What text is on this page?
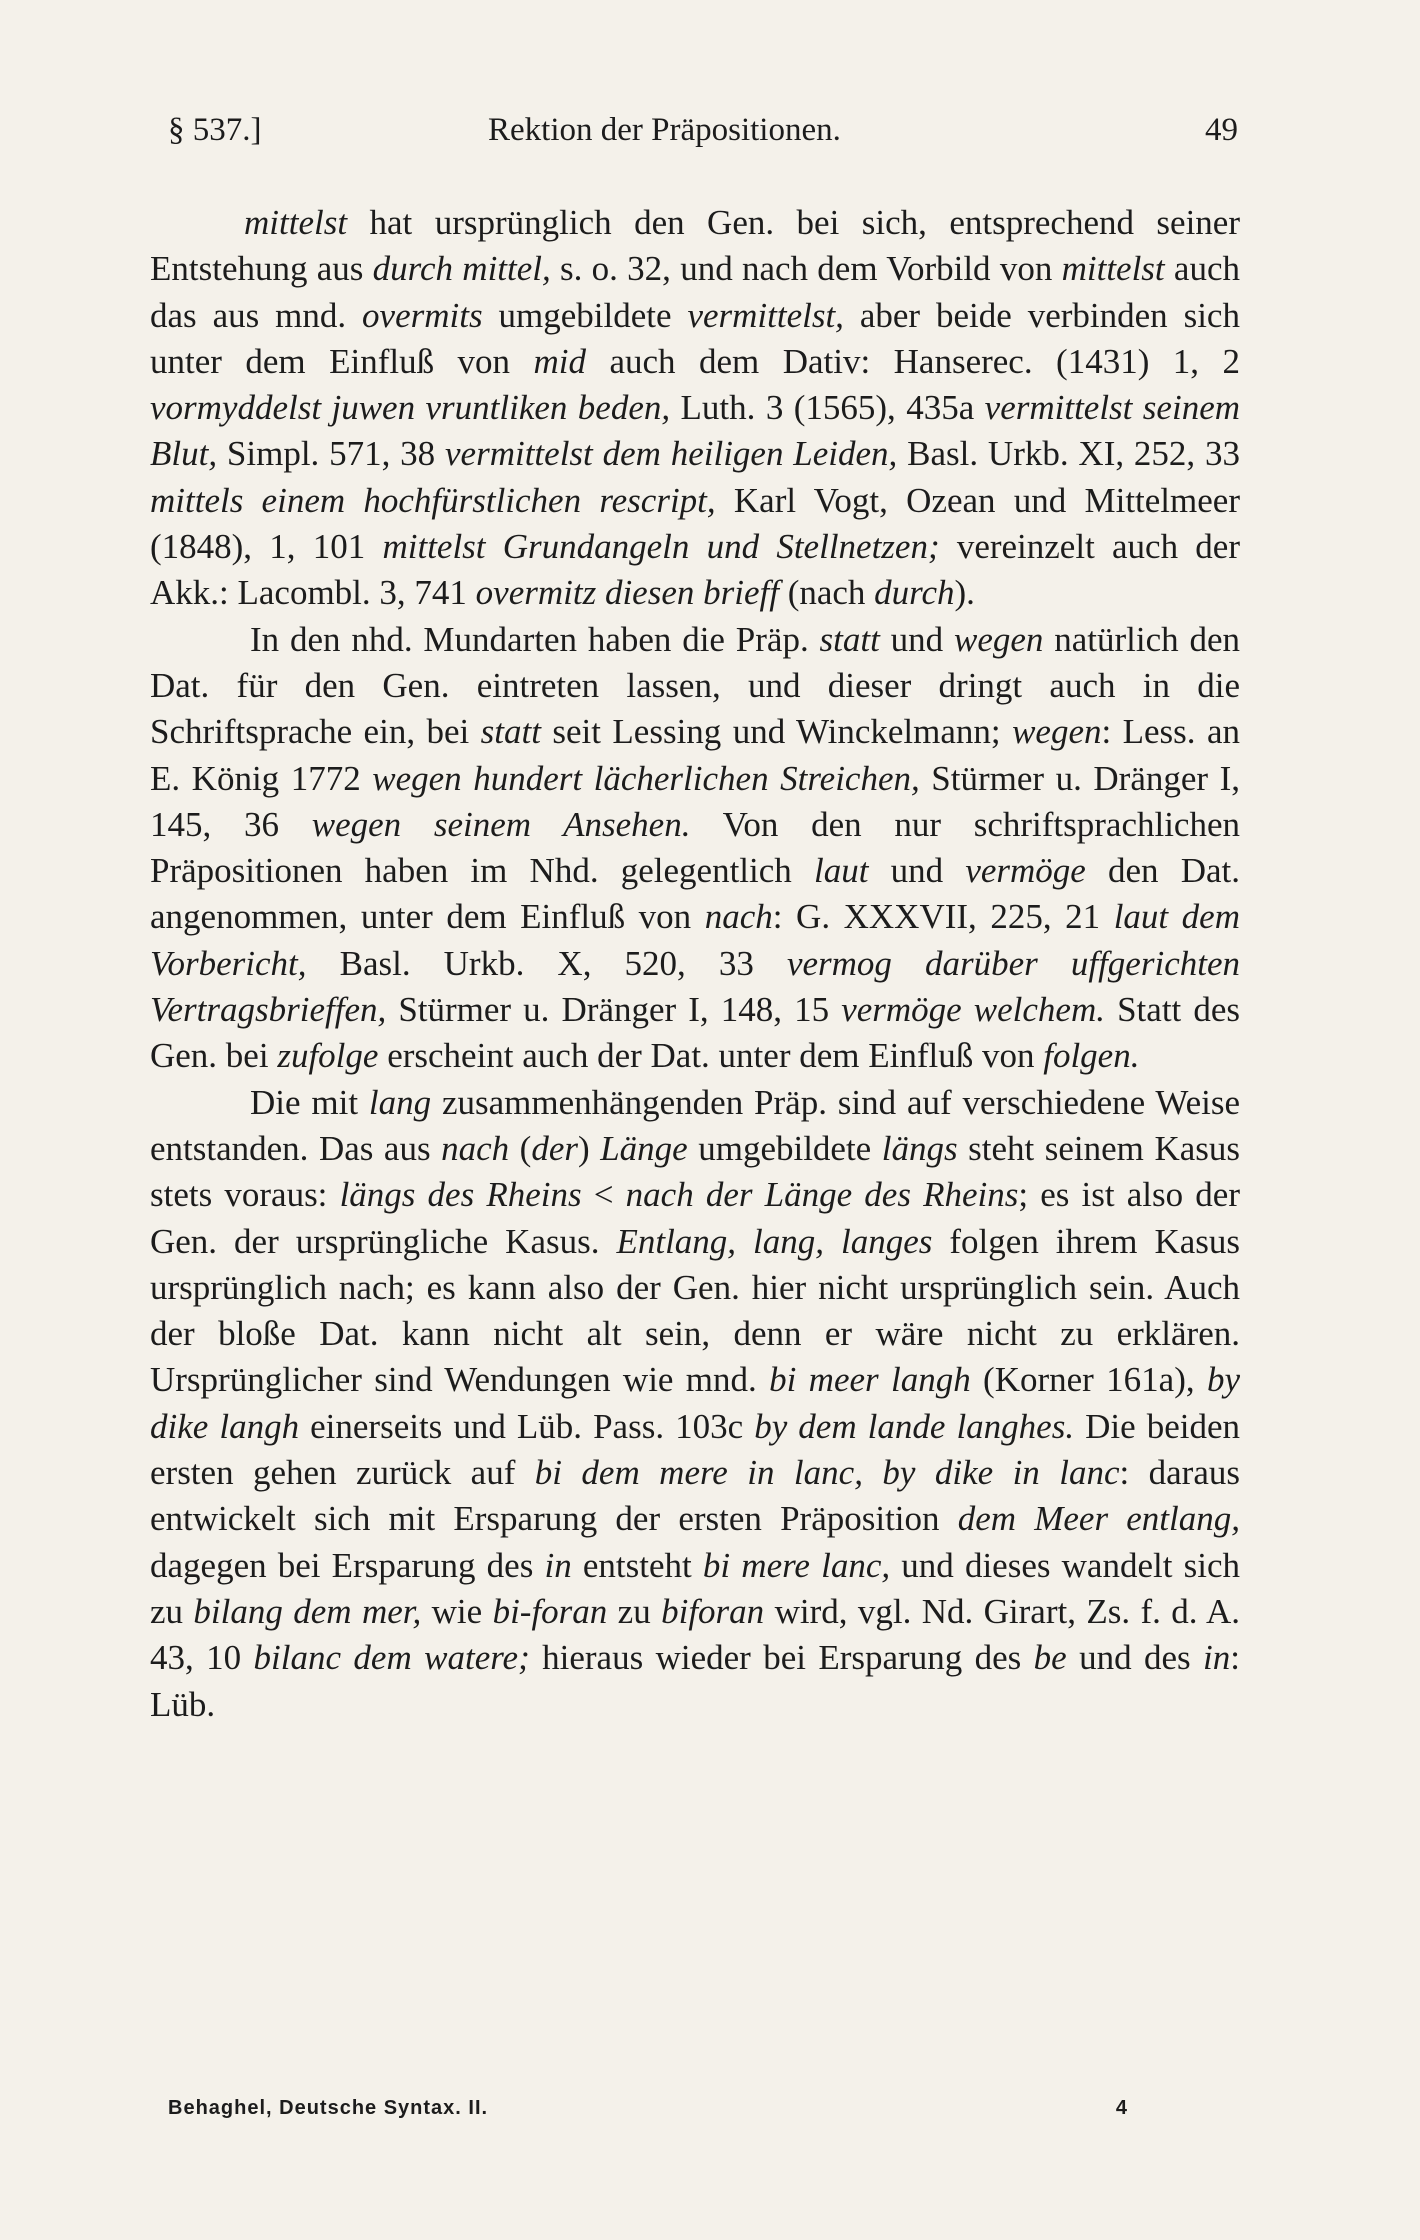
§ 537.]	Rektion der Präpositionen.	49

mittelst hat ursprünglich den Gen. bei sich, entsprechend seiner Entstehung aus durch mittel, s. o. 32, und nach dem Vorbild von mittelst auch das aus mnd. overmits umgebildete vermittelst, aber beide verbinden sich unter dem Einfluß von mid auch dem Dativ: Hanserec. (1431) 1, 2 vormyddelst juwen vruntliken beden, Luth. 3 (1565), 435a vermittelst seinem Blut, Simpl. 571, 38 vermittelst dem heiligen Leiden, Basl. Urkb. XI, 252, 33 mittels einem hochfürstlichen rescript, Karl Vogt, Ozean und Mittelmeer (1848), 1, 101 mittelst Grundangeln und Stellnetzen; vereinzelt auch der Akk.: Lacombl. 3, 741 overmitz diesen brieff (nach durch).

In den nhd. Mundarten haben die Präp. statt und wegen natürlich den Dat. für den Gen. eintreten lassen, und dieser dringt auch in die Schriftsprache ein, bei statt seit Lessing und Winckelmann; wegen: Less. an E. König 1772 wegen hundert lächerlichen Streichen, Stürmer u. Dränger I, 145, 36 wegen seinem Ansehen. Von den nur schriftsprachlichen Präpositionen haben im Nhd. gelegentlich laut und vermöge den Dat. angenommen, unter dem Einfluß von nach: G. XXXVII, 225, 21 laut dem Vorbericht, Basl. Urkb. X, 520, 33 vermog darüber uffgerichten Vertragsbrieffen, Stürmer u. Dränger I, 148, 15 vermöge welchem. Statt des Gen. bei zufolge erscheint auch der Dat. unter dem Einfluß von folgen.

Die mit lang zusammenhängenden Präp. sind auf verschiedene Weise entstanden. Das aus nach (der) Länge umgebildete längs steht seinem Kasus stets voraus: längs des Rheins < nach der Länge des Rheins; es ist also der Gen. der ursprüngliche Kasus. Entlang, lang, langes folgen ihrem Kasus ursprünglich nach; es kann also der Gen. hier nicht ursprünglich sein. Auch der bloße Dat. kann nicht alt sein, denn er wäre nicht zu erklären. Ursprünglicher sind Wendungen wie mnd. bi meer langh (Korner 161a), by dike langh einerseits und Lüb. Pass. 103c by dem lande langhes. Die beiden ersten gehen zurück auf bi dem mere in lanc, by dike in lanc: daraus entwickelt sich mit Ersparung der ersten Präposition dem Meer entlang, dagegen bei Ersparung des in entsteht bi mere lanc, und dieses wandelt sich zu bilang dem mer, wie bi-foran zu biforan wird, vgl. Nd. Girart, Zs. f. d. A. 43, 10 bilanc dem watere; hieraus wieder bei Ersparung des be und des in: Lüb.

Behaghel, Deutsche Syntax. II.	4
